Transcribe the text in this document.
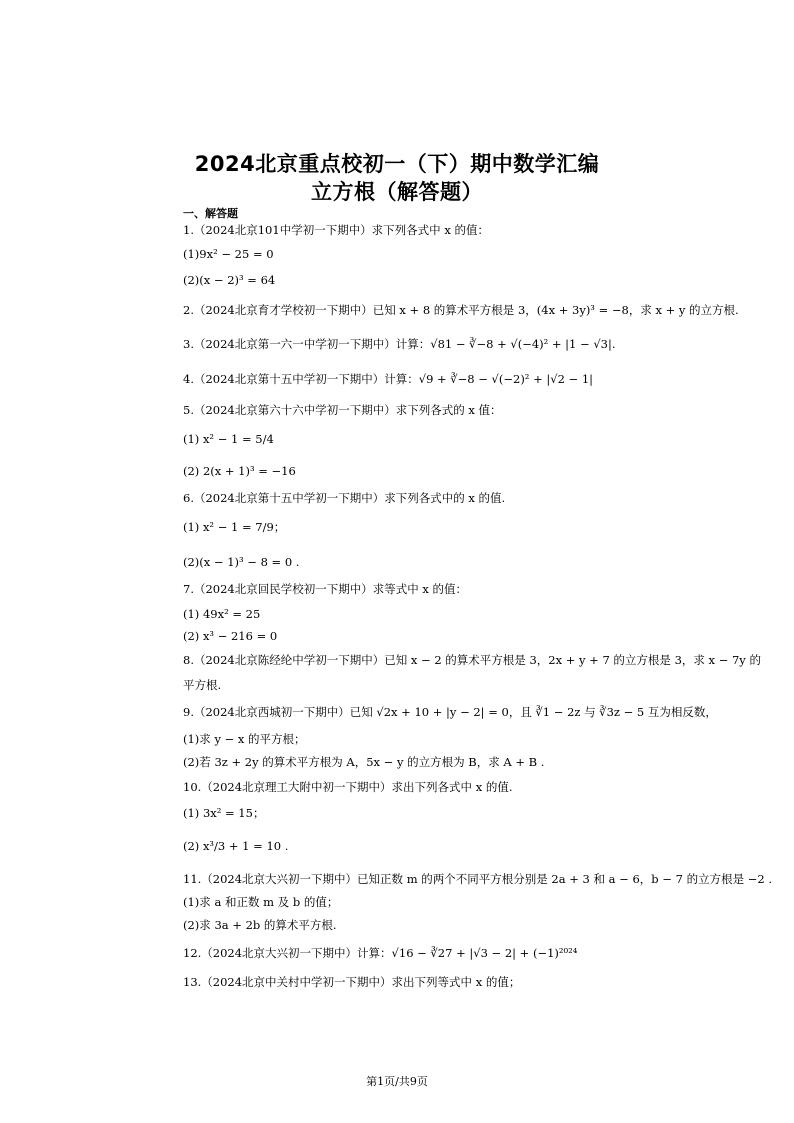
2024北京重点校初一（下）期中数学汇编
立方根（解答题）
一、解答题
1.（2024北京101中学初一下期中）求下列各式中 x 的值：
(1)9x² − 25 = 0
(2)(x − 2)³ = 64
2.（2024北京育才学校初一下期中）已知 x + 8 的算术平方根是 3，(4x + 3y)³ = −8，求 x + y 的立方根.
3.（2024北京第一六一中学初一下期中）计算：√81 − ∛−8 + √(−4)² + |1 − √3|.
4.（2024北京第十五中学初一下期中）计算：√9 + ∛−8 − √(−2)² + |√2 − 1|
5.（2024北京第六十六中学初一下期中）求下列各式的 x 值：
(1) x² − 1 = 5/4
(2) 2(x + 1)³ = −16
6.（2024北京第十五中学初一下期中）求下列各式中的 x 的值.
(1) x² − 1 = 7/9；
(2)(x − 1)³ − 8 = 0 .
7.（2024北京回民学校初一下期中）求等式中 x 的值：
(1) 49x² = 25
(2) x³ − 216 = 0
8.（2024北京陈经纶中学初一下期中）已知 x − 2 的算术平方根是 3，2x + y + 7 的立方根是 3，求 x − 7y 的
平方根.
9.（2024北京西城初一下期中）已知 √2x + 10 + |y − 2| = 0，且 ∛1 − 2z 与 ∛3z − 5 互为相反数，
(1)求 y − x 的平方根；
(2)若 3z + 2y 的算术平方根为 A，5x − y 的立方根为 B，求 A + B .
10.（2024北京理工大附中初一下期中）求出下列各式中 x 的值.
(1) 3x² = 15；
(2) x³/3 + 1 = 10 .
11.（2024北京大兴初一下期中）已知正数 m 的两个不同平方根分别是 2a + 3 和 a − 6，b − 7 的立方根是 −2 .
(1)求 a 和正数 m 及 b 的值；
(2)求 3a + 2b 的算术平方根.
12.（2024北京大兴初一下期中）计算：√16 − ∛27 + |√3 − 2| + (−1)²⁰²⁴
13.（2024北京中关村中学初一下期中）求出下列等式中 x 的值；
第1页/共9页
